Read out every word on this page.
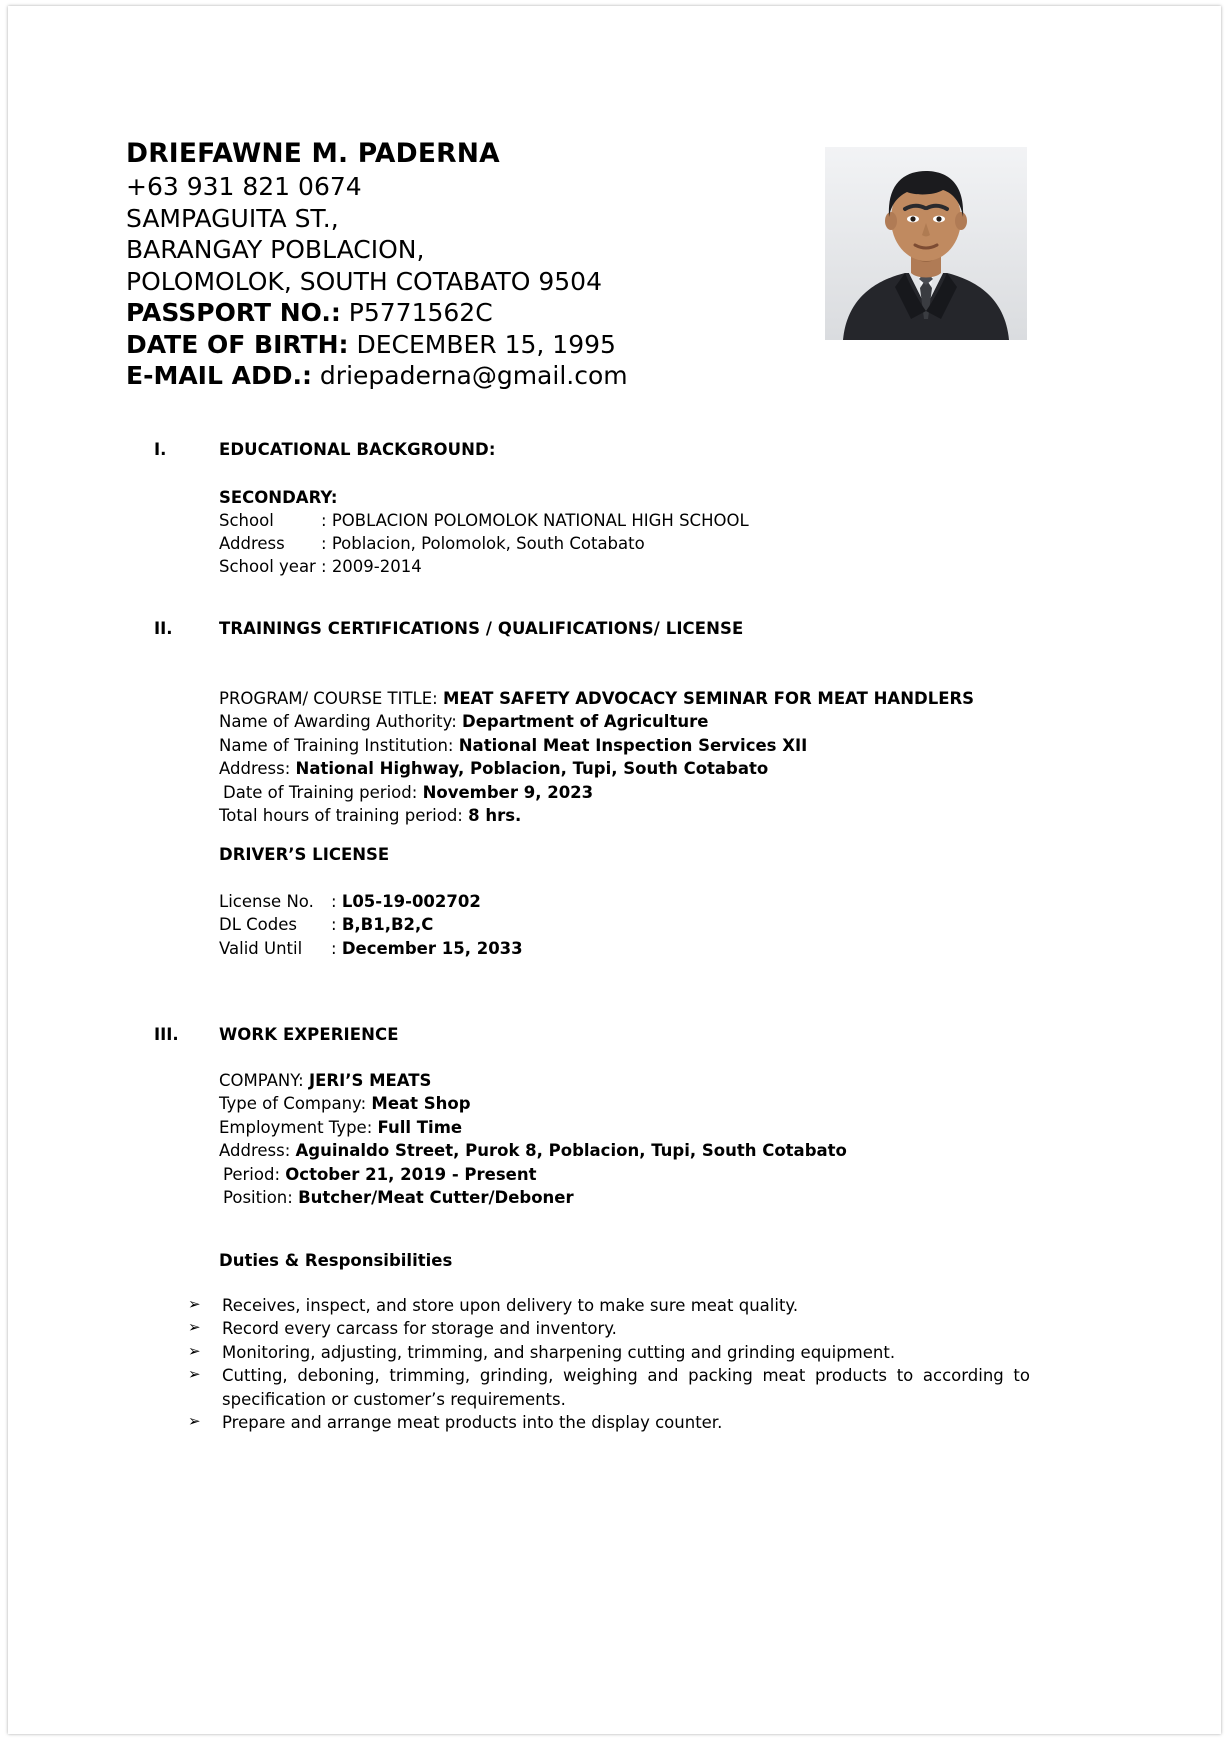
DRIEFAWNE M. PADERNA
+63 931 821 0674
SAMPAGUITA ST.,
BARANGAY POBLACION,
POLOMOLOK, SOUTH COTABATO 9504
PASSPORT NO.: P5771562C
DATE OF BIRTH: DECEMBER 15, 1995
E-MAIL ADD.: driepaderna@gmail.com
I.	EDUCATIONAL BACKGROUND:
SECONDARY:
School	: POBLACION POLOMOLOK NATIONAL HIGH SCHOOL
Address : Poblacion, Polomolok, South Cotabato
School year : 2009-2014
II.	TRAININGS CERTIFICATIONS / QUALIFICATIONS/ LICENSE
PROGRAM/ COURSE TITLE: MEAT SAFETY ADVOCACY SEMINAR FOR MEAT HANDLERS
Name of Awarding Authority: Department of Agriculture
Name of Training Institution: National Meat Inspection Services XII
Address: National Highway, Poblacion, Tupi, South Cotabato
Date of Training period: November 9, 2023
Total hours of training period: 8 hrs.
DRIVER’S LICENSE
License No. : L05-19-002702
DL Codes : B,B1,B2,C
Valid Until : December 15, 2033
III. WORK EXPERIENCE
COMPANY: JERI’S MEATS
Type of Company: Meat Shop
Employment Type: Full Time
Address: Aguinaldo Street, Purok 8, Poblacion, Tupi, South Cotabato
Period: October 21, 2019 - Present
Position: Butcher/Meat Cutter/Deboner
Duties & Responsibilities
➢ Receives, inspect, and store upon delivery to make sure meat quality.
➢ Record every carcass for storage and inventory.
➢ Monitoring, adjusting, trimming, and sharpening cutting and grinding equipment.
➢ Cutting, deboning, trimming, grinding, weighing and packing meat products to according to specification or customer’s requirements.
➢ Prepare and arrange meat products into the display counter.
